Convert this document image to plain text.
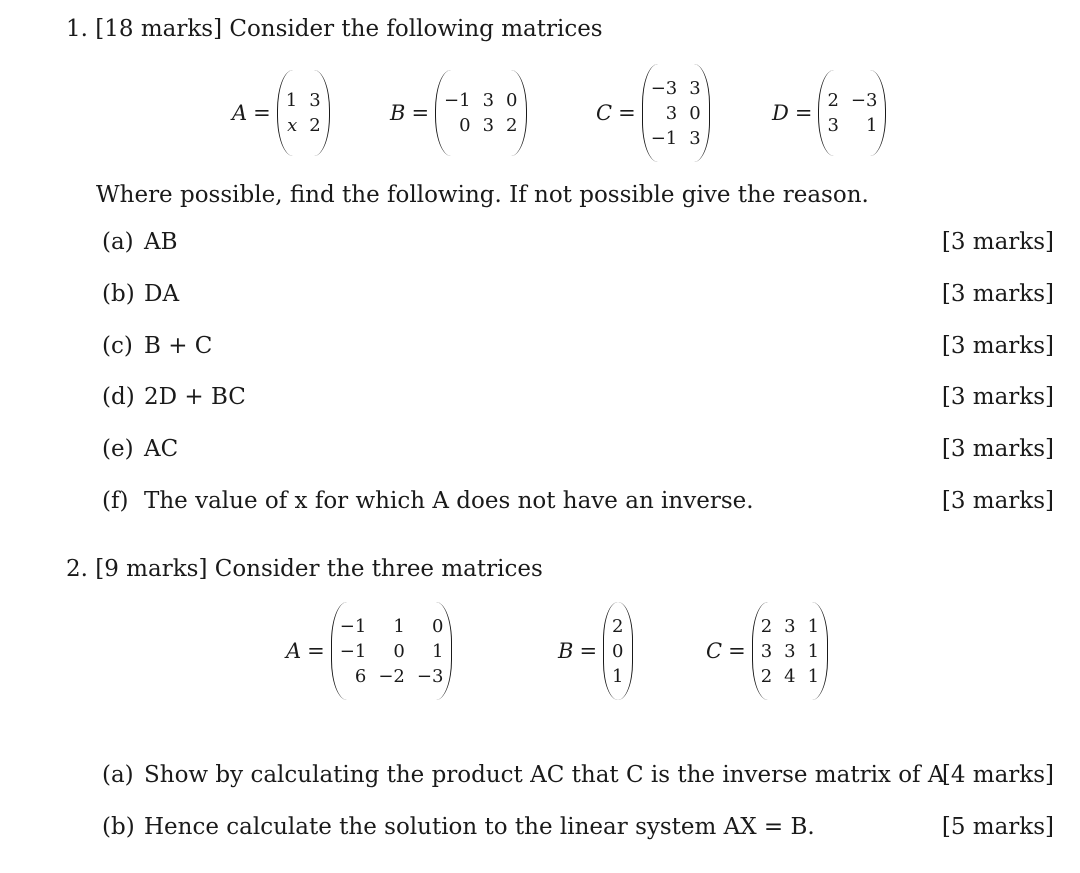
1. [18 marks] Consider the following matrices
A =
1 3
x 2
B =
−1 3 0
0 3 2
C =
−3 3
3 0
−1 3
D =
2 −3
3	1
Where possible, find the following. If not possible give the reason.
(a) AB	[3 marks]
(b) DA	[3 marks]
(c) B + C	[3 marks]
(d) 2D + BC	[3 marks]
(e) AC	[3 marks]
(f) The value of x for which A does not have an inverse.	[3 marks]
2. [9 marks] Consider the three matrices
A =
−1	1	0
−1	0	1
6 −2 −3
B =
2
0
1
C =
2 3 1
3 3 1
2 4 1
(a) Show by calculating the product AC that C is the inverse matrix of A
[4 marks]
(b) Hence calculate the solution to the linear system AX = B.	[5 marks]
